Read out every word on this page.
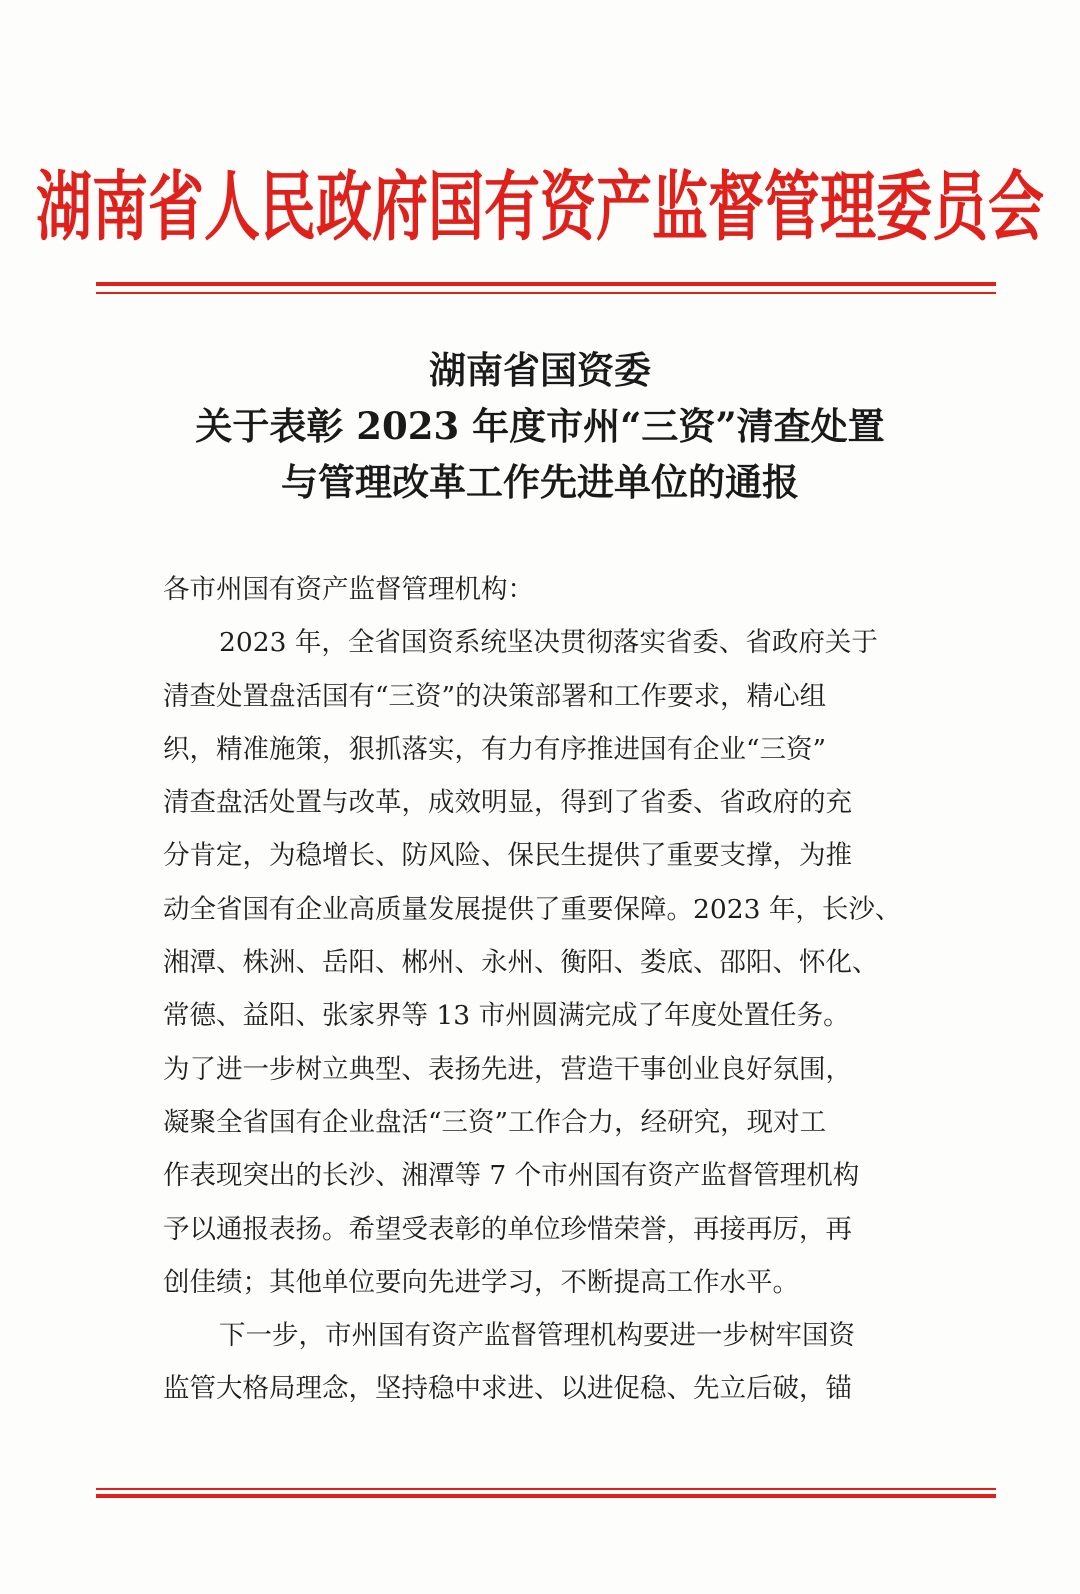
湖南省人民政府国有资产监督管理委员会
湖南省国资委
关于表彰 2023 年度市州“三资”清查处置
与管理改革工作先进单位的通报
各市州国有资产监督管理机构：
2023 年，全省国资系统坚决贯彻落实省委、省政府关于
清查处置盘活国有“三资”的决策部署和工作要求，精心组
织，精准施策，狠抓落实，有力有序推进国有企业“三资”
清查盘活处置与改革，成效明显，得到了省委、省政府的充
分肯定，为稳增长、防风险、保民生提供了重要支撑，为推
动全省国有企业高质量发展提供了重要保障。2023 年，长沙、
湘潭、株洲、岳阳、郴州、永州、衡阳、娄底、邵阳、怀化、
常德、益阳、张家界等 13 市州圆满完成了年度处置任务。
为了进一步树立典型、表扬先进，营造干事创业良好氛围，
凝聚全省国有企业盘活“三资”工作合力，经研究，现对工
作表现突出的长沙、湘潭等 7 个市州国有资产监督管理机构
予以通报表扬。希望受表彰的单位珍惜荣誉，再接再厉，再
创佳绩；其他单位要向先进学习，不断提高工作水平。
下一步，市州国有资产监督管理机构要进一步树牢国资
监管大格局理念，坚持稳中求进、以进促稳、先立后破，锚
